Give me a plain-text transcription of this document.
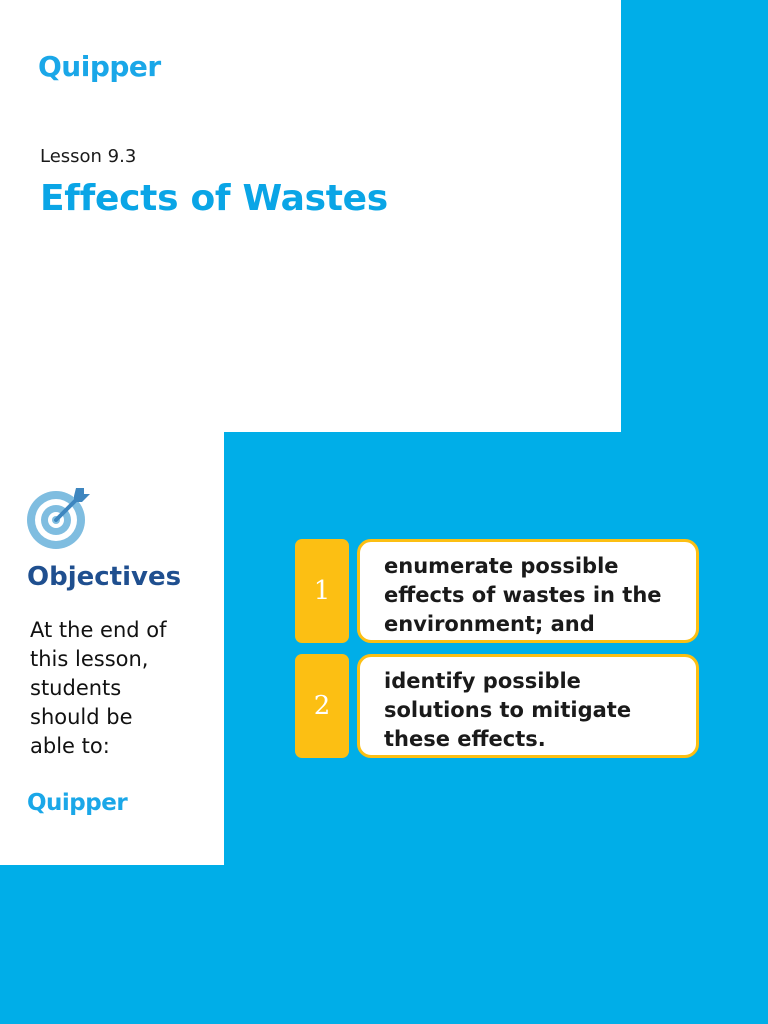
Quipper
Lesson 9.3
Effects of Wastes
Objectives
At the end of this lesson, students should be able to:
Quipper
1
enumerate possible effects of wastes in the environment; and
2
identify possible solutions to mitigate these effects.
